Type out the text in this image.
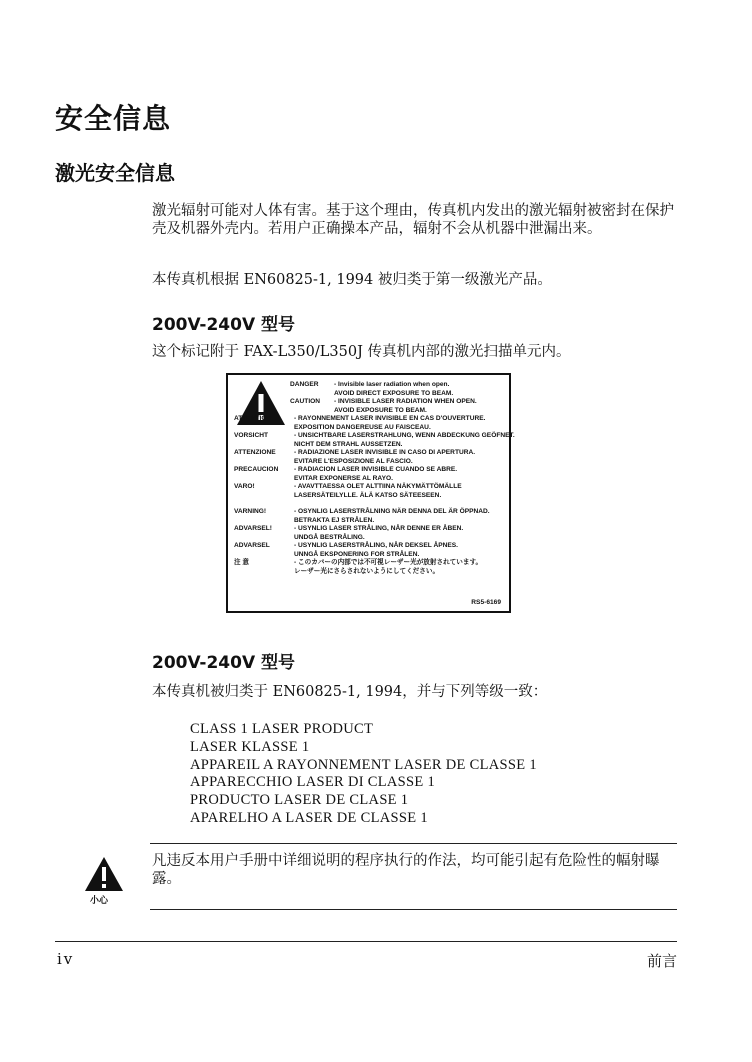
安全信息
激光安全信息
激光辐射可能对人体有害。基于这个理由，传真机内发出的激光辐射被密封在保护壳及机器外壳内。若用户正确操本产品，辐射不会从机器中泄漏出来。
本传真机根据 EN60825-1, 1994 被归类于第一级激光产品。
200V-240V 型号
这个标记附于 FAX-L350/L350J 传真机内部的激光扫描单元内。
DANGER	- Invisible laser radiation when open.
AVOID DIRECT EXPOSURE TO BEAM.
CAUTION	- INVISIBLE LASER RADIATION WHEN OPEN.
AVOID EXPOSURE TO BEAM.
ATTENTION	- RAYONNEMENT LASER INVISIBLE EN CAS D'OUVERTURE.
EXPOSITION DANGEREUSE AU FAISCEAU.
VORSICHT	- UNSICHTBARE LASERSTRAHLUNG, WENN ABDECKUNG GEÖFNET.
NICHT DEM STRAHL AUSSETZEN.
ATTENZIONE	- RADIAZIONE LASER INVISIBLE IN CASO DI APERTURA.
EVITARE L'ESPOSIZIONE AL FASCIO.
PRECAUCION	- RADIACION LASER INVISIBLE CUANDO SE ABRE.
EVITAR EXPONERSE AL RAYO.
VARO!	- AVAVTTAESSA OLET ALTTIINA NÄKYMÄTTÖMÄLLE
LASERSÄTEILYLLE. ÄLÄ KATSO SÄTEESEEN.
VARNING!	- OSYNLIG LASERSTRÅLNING NÄR DENNA DEL ÄR ÖPPNAD.
BETRAKTA EJ STRÅLEN.
ADVARSEL!	- USYNLIG LASER STRÅLING, NÅR DENNE ER ÅBEN.
UNDGÅ BESTRÅLING.
ADVARSEL	- USYNLIG LASERSTRÅLING, NÅR DEKSEL ÅPNES.
UNNGÅ EKSPONERING FOR STRÅLEN.
注 意	- このカバーの内部では不可視レーザー光が放射されています。
レーザー光にさらされないようにしてください。
RS5-6169
200V-240V 型号
本传真机被归类于 EN60825-1, 1994，并与下列等级一致：
CLASS 1 LASER PRODUCT
LASER KLASSE 1
APPAREIL A RAYONNEMENT LASER DE CLASSE 1
APPARECCHIO LASER DI CLASSE 1
PRODUCTO LASER DE CLASE 1
APARELHO A LASER DE CLASSE 1
小心
凡违反本用户手册中详细说明的程序执行的作法，均可能引起有危险性的幅射曝露。
iv	前言
